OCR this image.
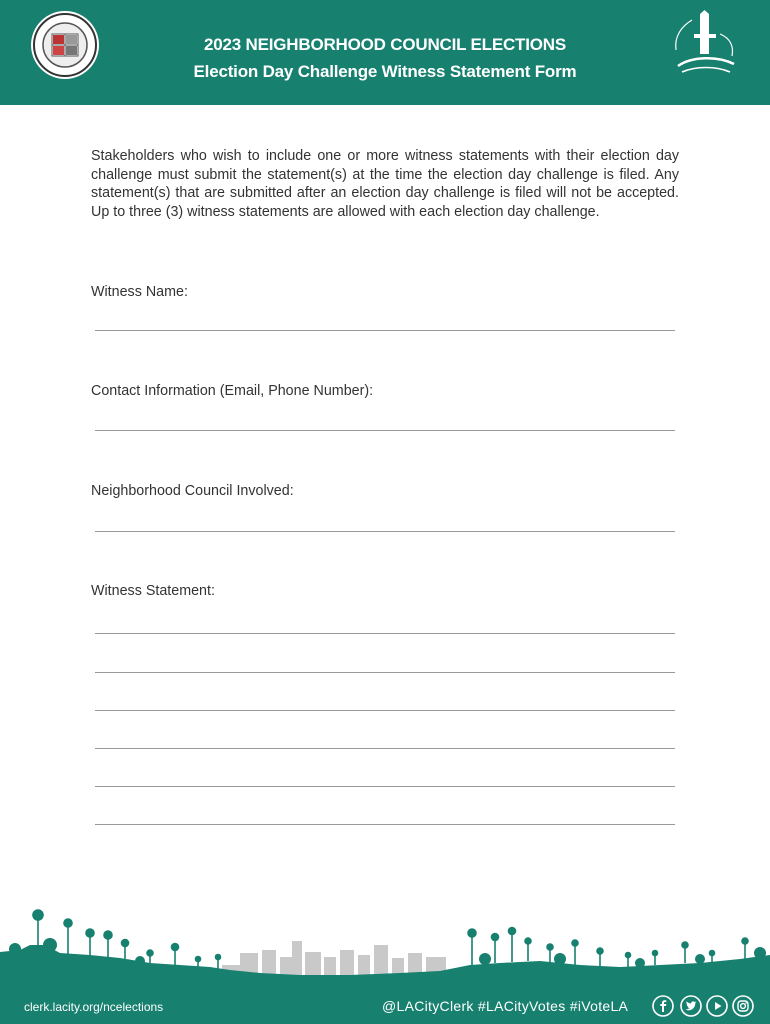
2023 NEIGHBORHOOD COUNCIL ELECTIONS
Election Day Challenge Witness Statement Form
Stakeholders who wish to include one or more witness statements with their election day challenge must submit the statement(s) at the time the election day challenge is filed. Any statement(s) that are submitted after an election day challenge is filed will not be accepted. Up to three (3) witness statements are allowed with each election day challenge.
Witness Name:
Contact Information (Email, Phone Number):
Neighborhood Council Involved:
Witness Statement:
clerk.lacity.org/ncelections	@LACityClerk #LACityVotes #iVoteLA
